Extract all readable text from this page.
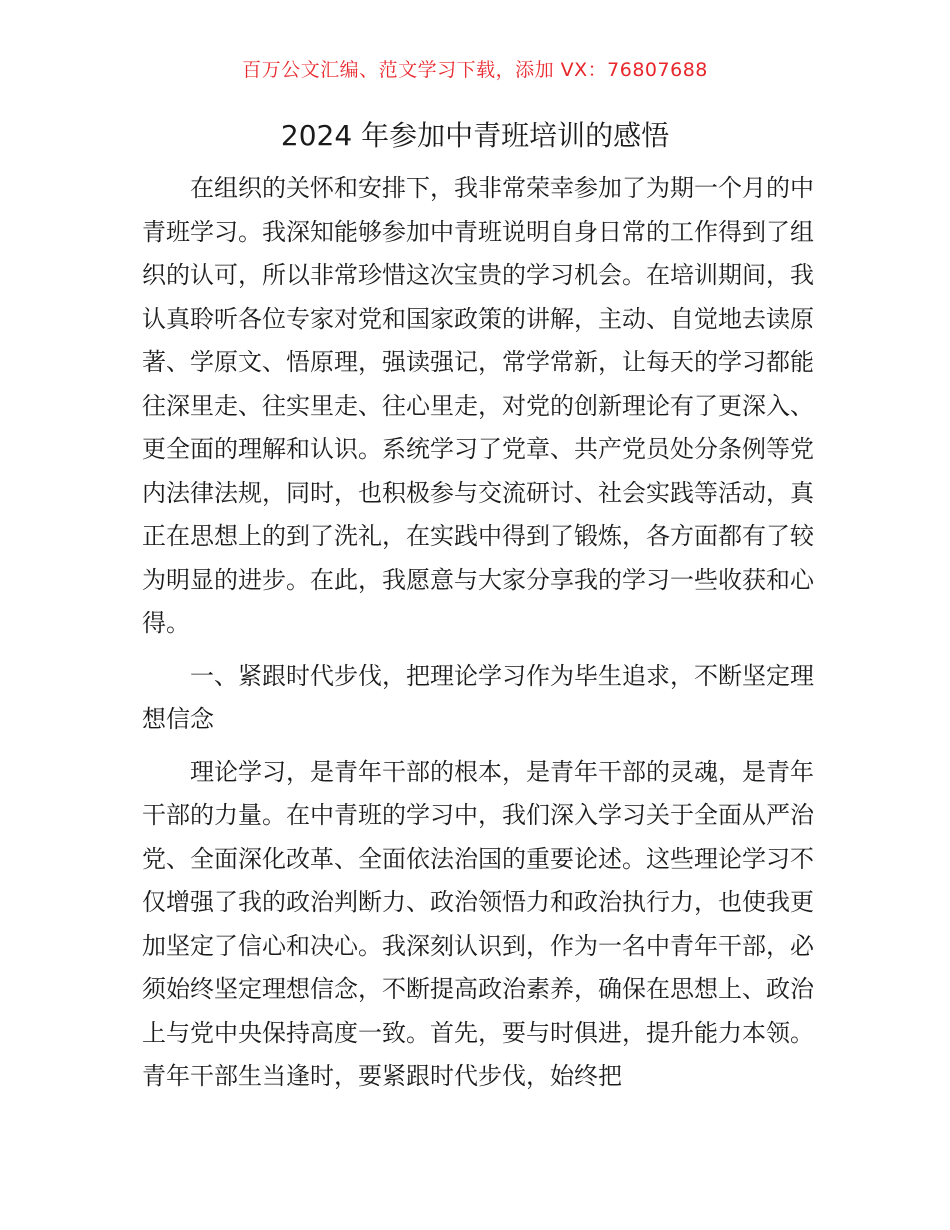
百万公文汇编、范文学习下载，添加 VX：76807688
2024 年参加中青班培训的感悟

在组织的关怀和安排下，我非常荣幸参加了为期一个月的中青班学习。我深知能够参加中青班说明自身日常的工作得到了组织的认可，所以非常珍惜这次宝贵的学习机会。在培训期间，我认真聆听各位专家对党和国家政策的讲解，主动、自觉地去读原著、学原文、悟原理，强读强记，常学常新，让每天的学习都能往深里走、往实里走、往心里走，对党的创新理论有了更深入、更全面的理解和认识。系统学习了党章、共产党员处分条例等党内法律法规，同时，也积极参与交流研讨、社会实践等活动，真正在思想上的到了洗礼，在实践中得到了锻炼，各方面都有了较为明显的进步。在此，我愿意与大家分享我的学习一些收获和心得。

一、紧跟时代步伐，把理论学习作为毕生追求，不断坚定理想信念

理论学习，是青年干部的根本，是青年干部的灵魂，是青年干部的力量。在中青班的学习中，我们深入学习关于全面从严治党、全面深化改革、全面依法治国的重要论述。这些理论学习不仅增强了我的政治判断力、政治领悟力和政治执行力，也使我更加坚定了信心和决心。我深刻认识到，作为一名中青年干部，必须始终坚定理想信念，不断提高政治素养，确保在思想上、政治上与党中央保持高度一致。首先，要与时俱进，提升能力本领。青年干部生当逢时，要紧跟时代步伐，始终把
